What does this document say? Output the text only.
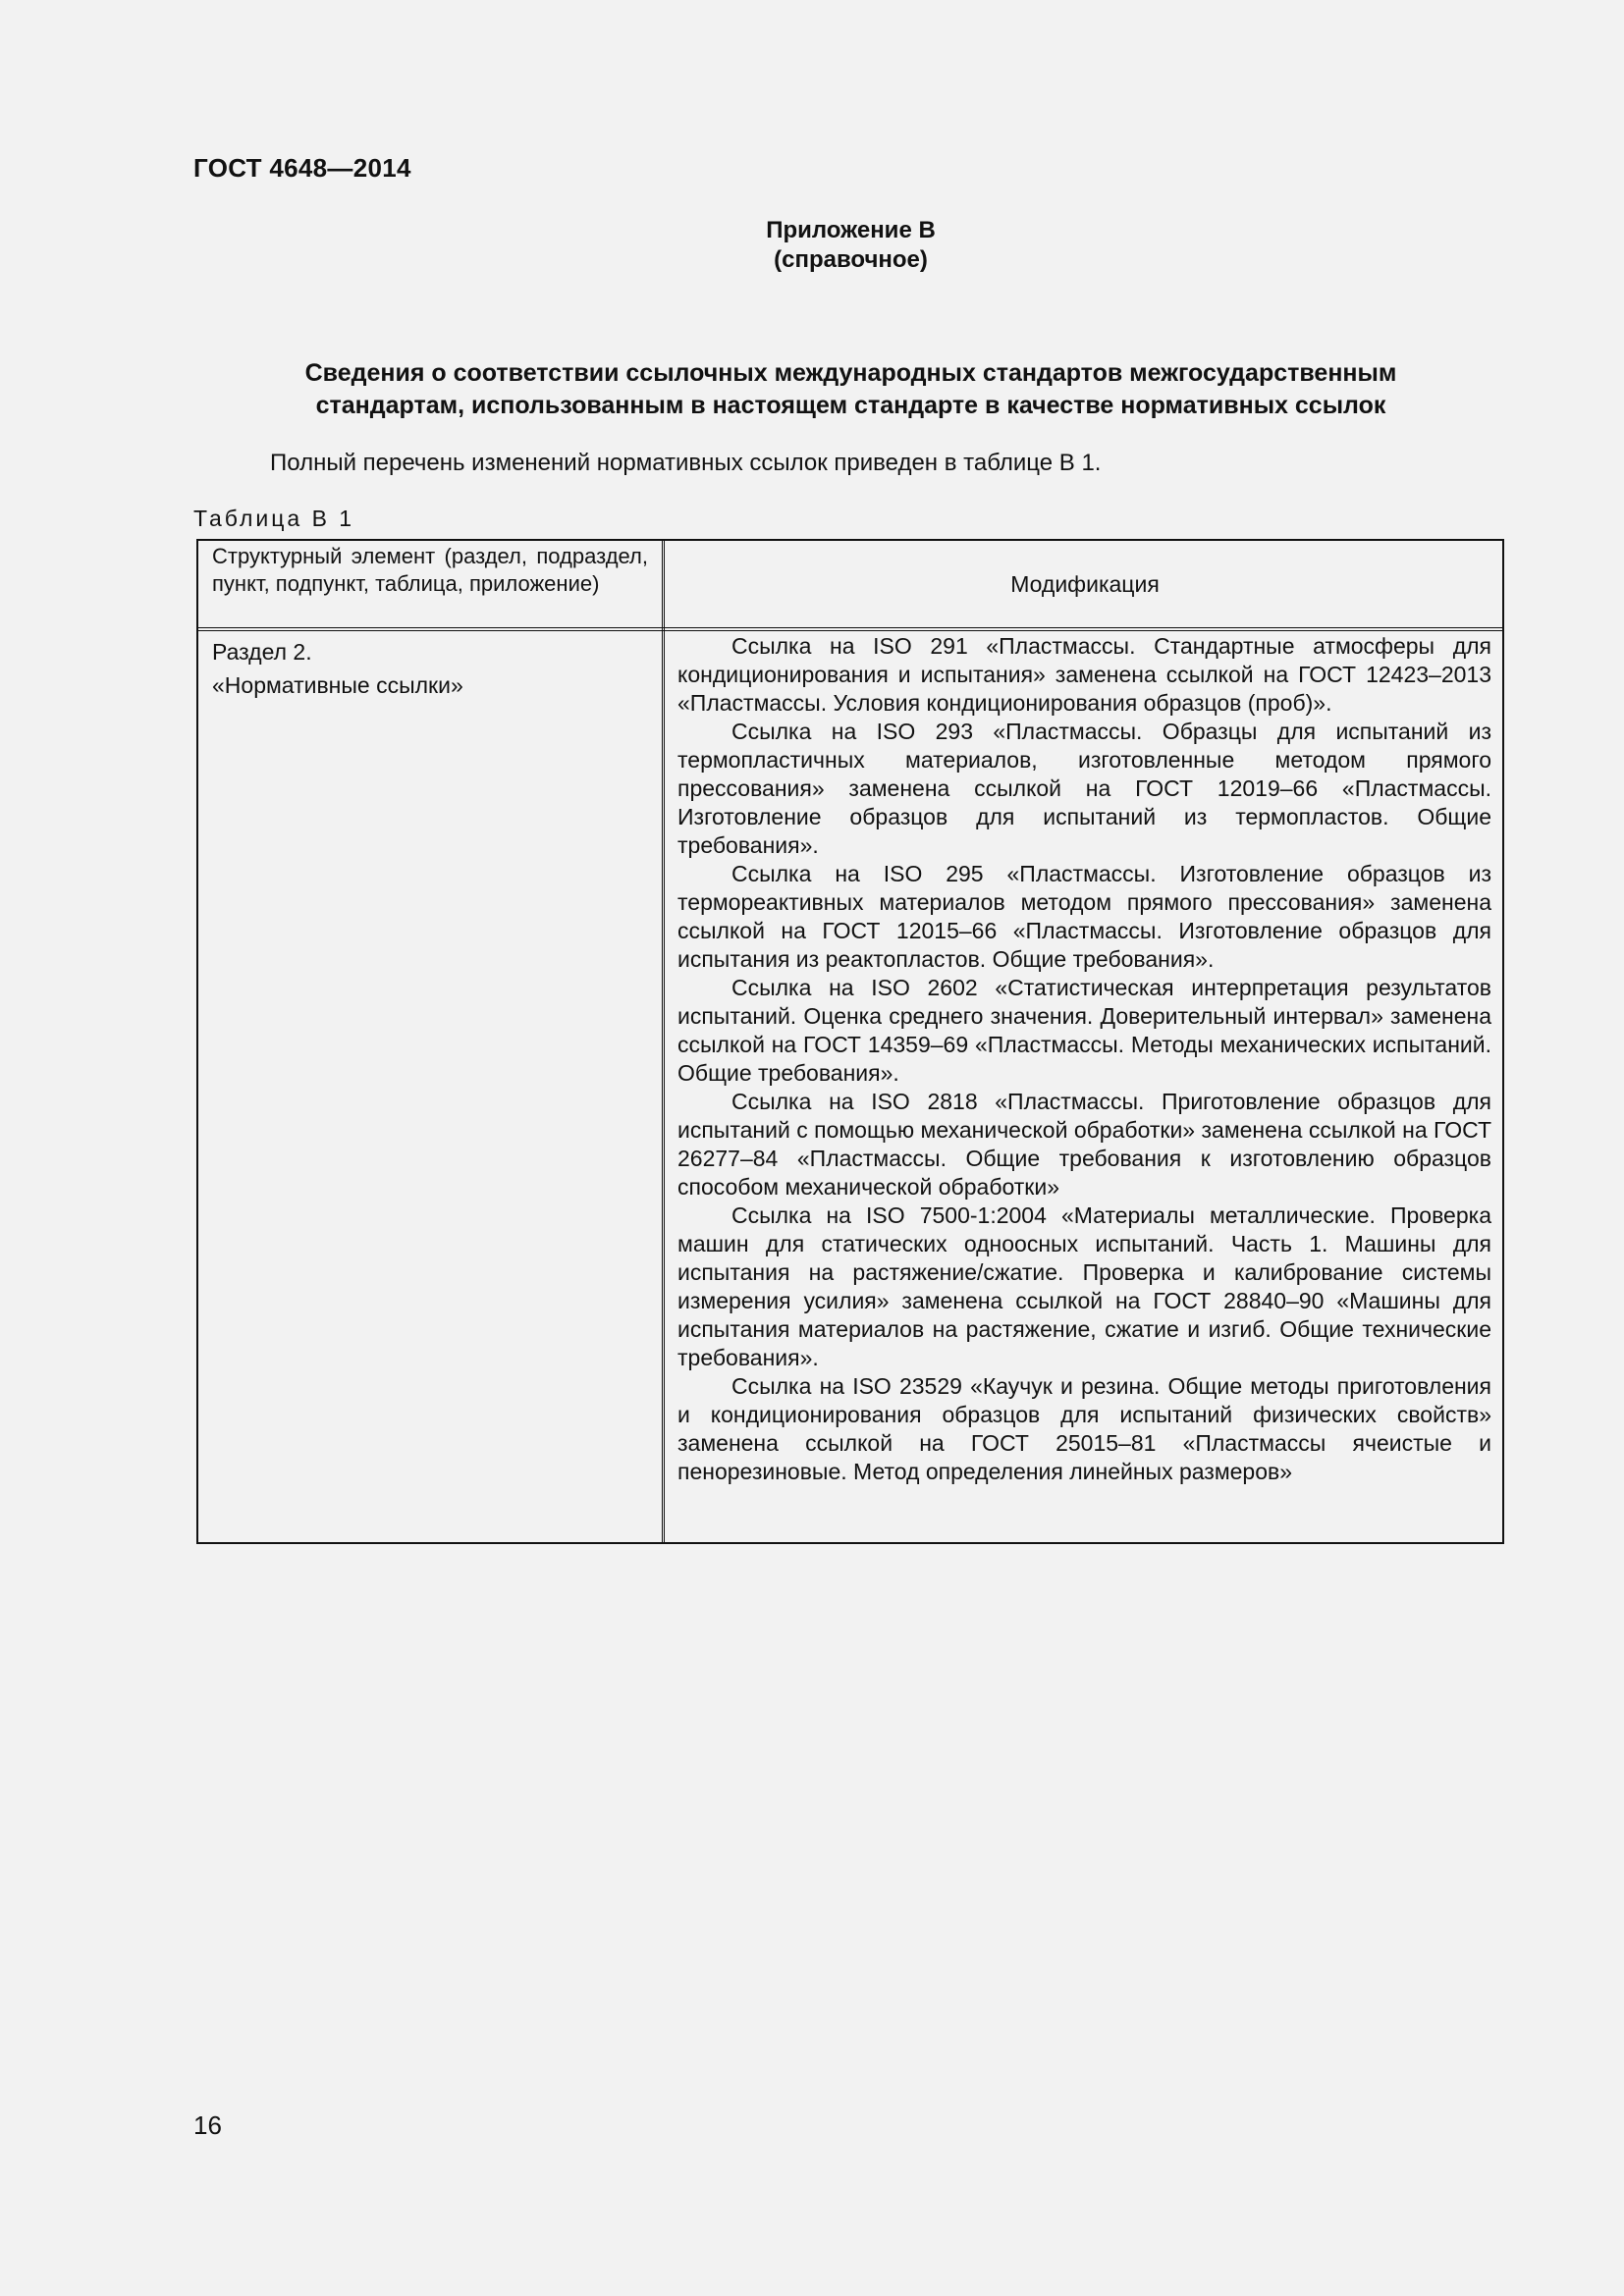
ГОСТ 4648—2014
Приложение В
(справочное)
Сведения о соответствии ссылочных международных стандартов межгосударственным
стандартам, использованным в настоящем стандарте в качестве нормативных ссылок
Полный перечень изменений нормативных ссылок приведен в таблице В 1.
Таблица В 1
Структурный элемент (раздел, подраздел, пункт, подпункт, таблица, приложение)	Модификация
Раздел 2.
«Нормативные ссылки»

Ссылка на ISO 291 «Пластмассы. Стандартные атмосферы для кондиционирования и испытания» заменена ссылкой на ГОСТ 12423–2013 «Пластмассы. Условия кондиционирования образцов (проб)».

Ссылка на ISO 293 «Пластмассы. Образцы для испытаний из термопластичных материалов, изготовленные методом прямого прессования» заменена ссылкой на ГОСТ 12019–66 «Пластмассы. Изготовление образцов для испытаний из термопластов. Общие требования».

Ссылка на ISO 295 «Пластмассы. Изготовление образцов из термореактивных материалов методом прямого прессования» заменена ссылкой на ГОСТ 12015–66 «Пластмассы. Изготовление образцов для испытания из реактопластов. Общие требования».

Ссылка на ISO 2602 «Статистическая интерпретация результатов испытаний. Оценка среднего значения. Доверительный интервал» заменена ссылкой на ГОСТ 14359–69 «Пластмассы. Методы механических испытаний. Общие требования».

Ссылка на ISO 2818 «Пластмассы. Приготовление образцов для испытаний с помощью механической обработки» заменена ссылкой на ГОСТ 26277–84 «Пластмассы. Общие требования к изготовлению образцов способом механической обработки»

Ссылка на ISO 7500-1:2004 «Материалы металлические. Проверка машин для статических одноосных испытаний. Часть 1. Машины для испытания на растяжение/сжатие. Проверка и калибрование системы измерения усилия» заменена ссылкой на ГОСТ 28840–90 «Машины для испытания материалов на растяжение, сжатие и изгиб. Общие технические требования».

Ссылка на ISO 23529 «Каучук и резина. Общие методы приготовления и кондиционирования образцов для испытаний физических свойств» заменена ссылкой на ГОСТ 25015–81 «Пластмассы ячеистые и пенорезиновые. Метод определения линейных размеров»

16
